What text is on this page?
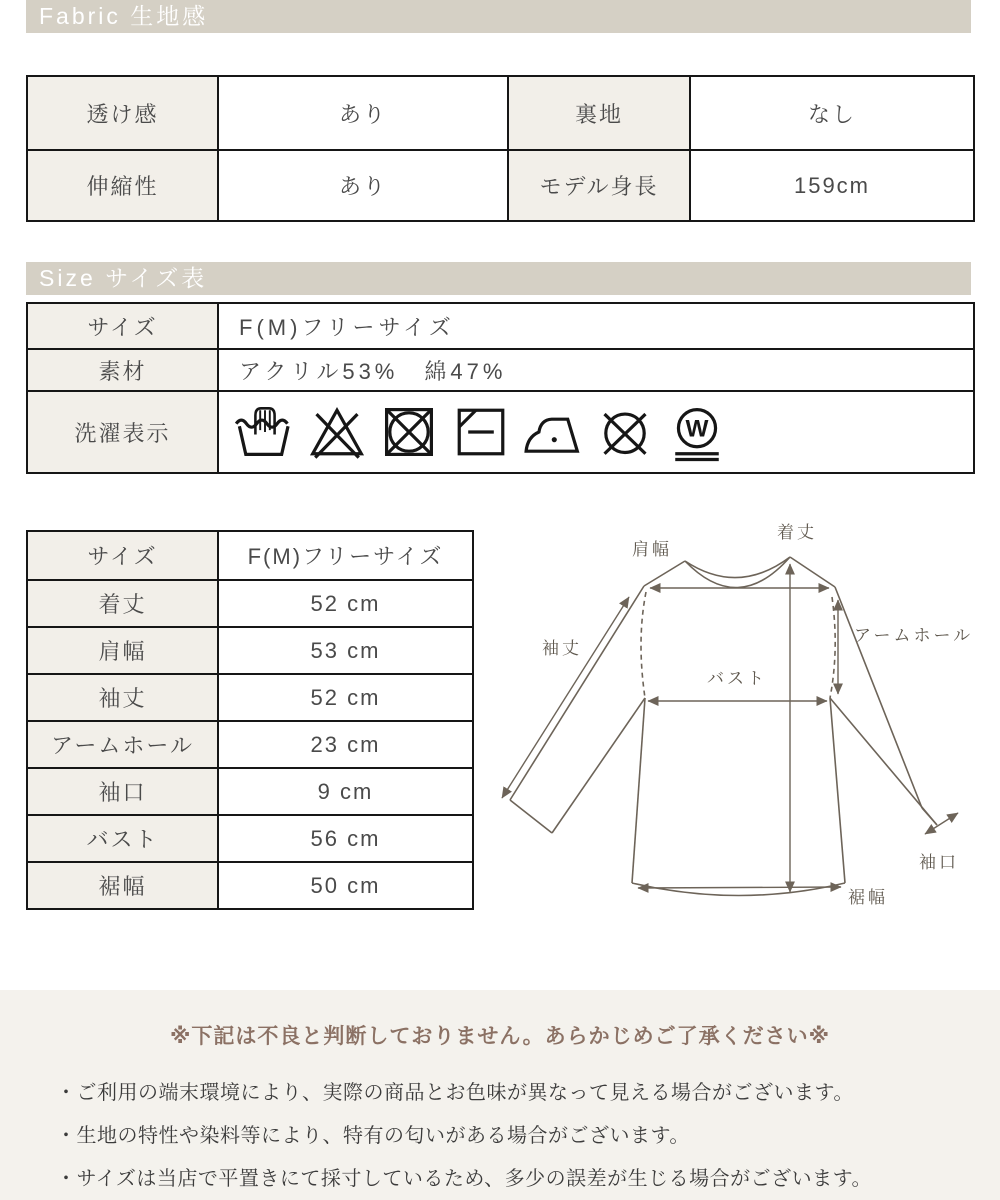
Fabric 生地感
透け感	あり	裏地	なし
伸縮性	あり	モデル身長	159cm
Size サイズ表
サイズ	F(M)フリーサイズ
素材	アクリル53%　綿47%
洗濯表示	W
サイズ	F(M)フリーサイズ
着丈	52 cm
肩幅	53 cm
袖丈	52 cm
アームホール	23 cm
袖口	9 cm
バスト	56 cm
裾幅	50 cm
着丈
肩幅
袖丈
アームホール
バスト
袖口
裾幅

※下記は不良と判断しておりません。あらかじめご了承ください※

・ご利用の端末環境により、実際の商品とお色味が異なって見える場合がございます。

・生地の特性や染料等により、特有の匂いがある場合がございます。

・サイズは当店で平置きにて採寸しているため、多少の誤差が生じる場合がございます。
